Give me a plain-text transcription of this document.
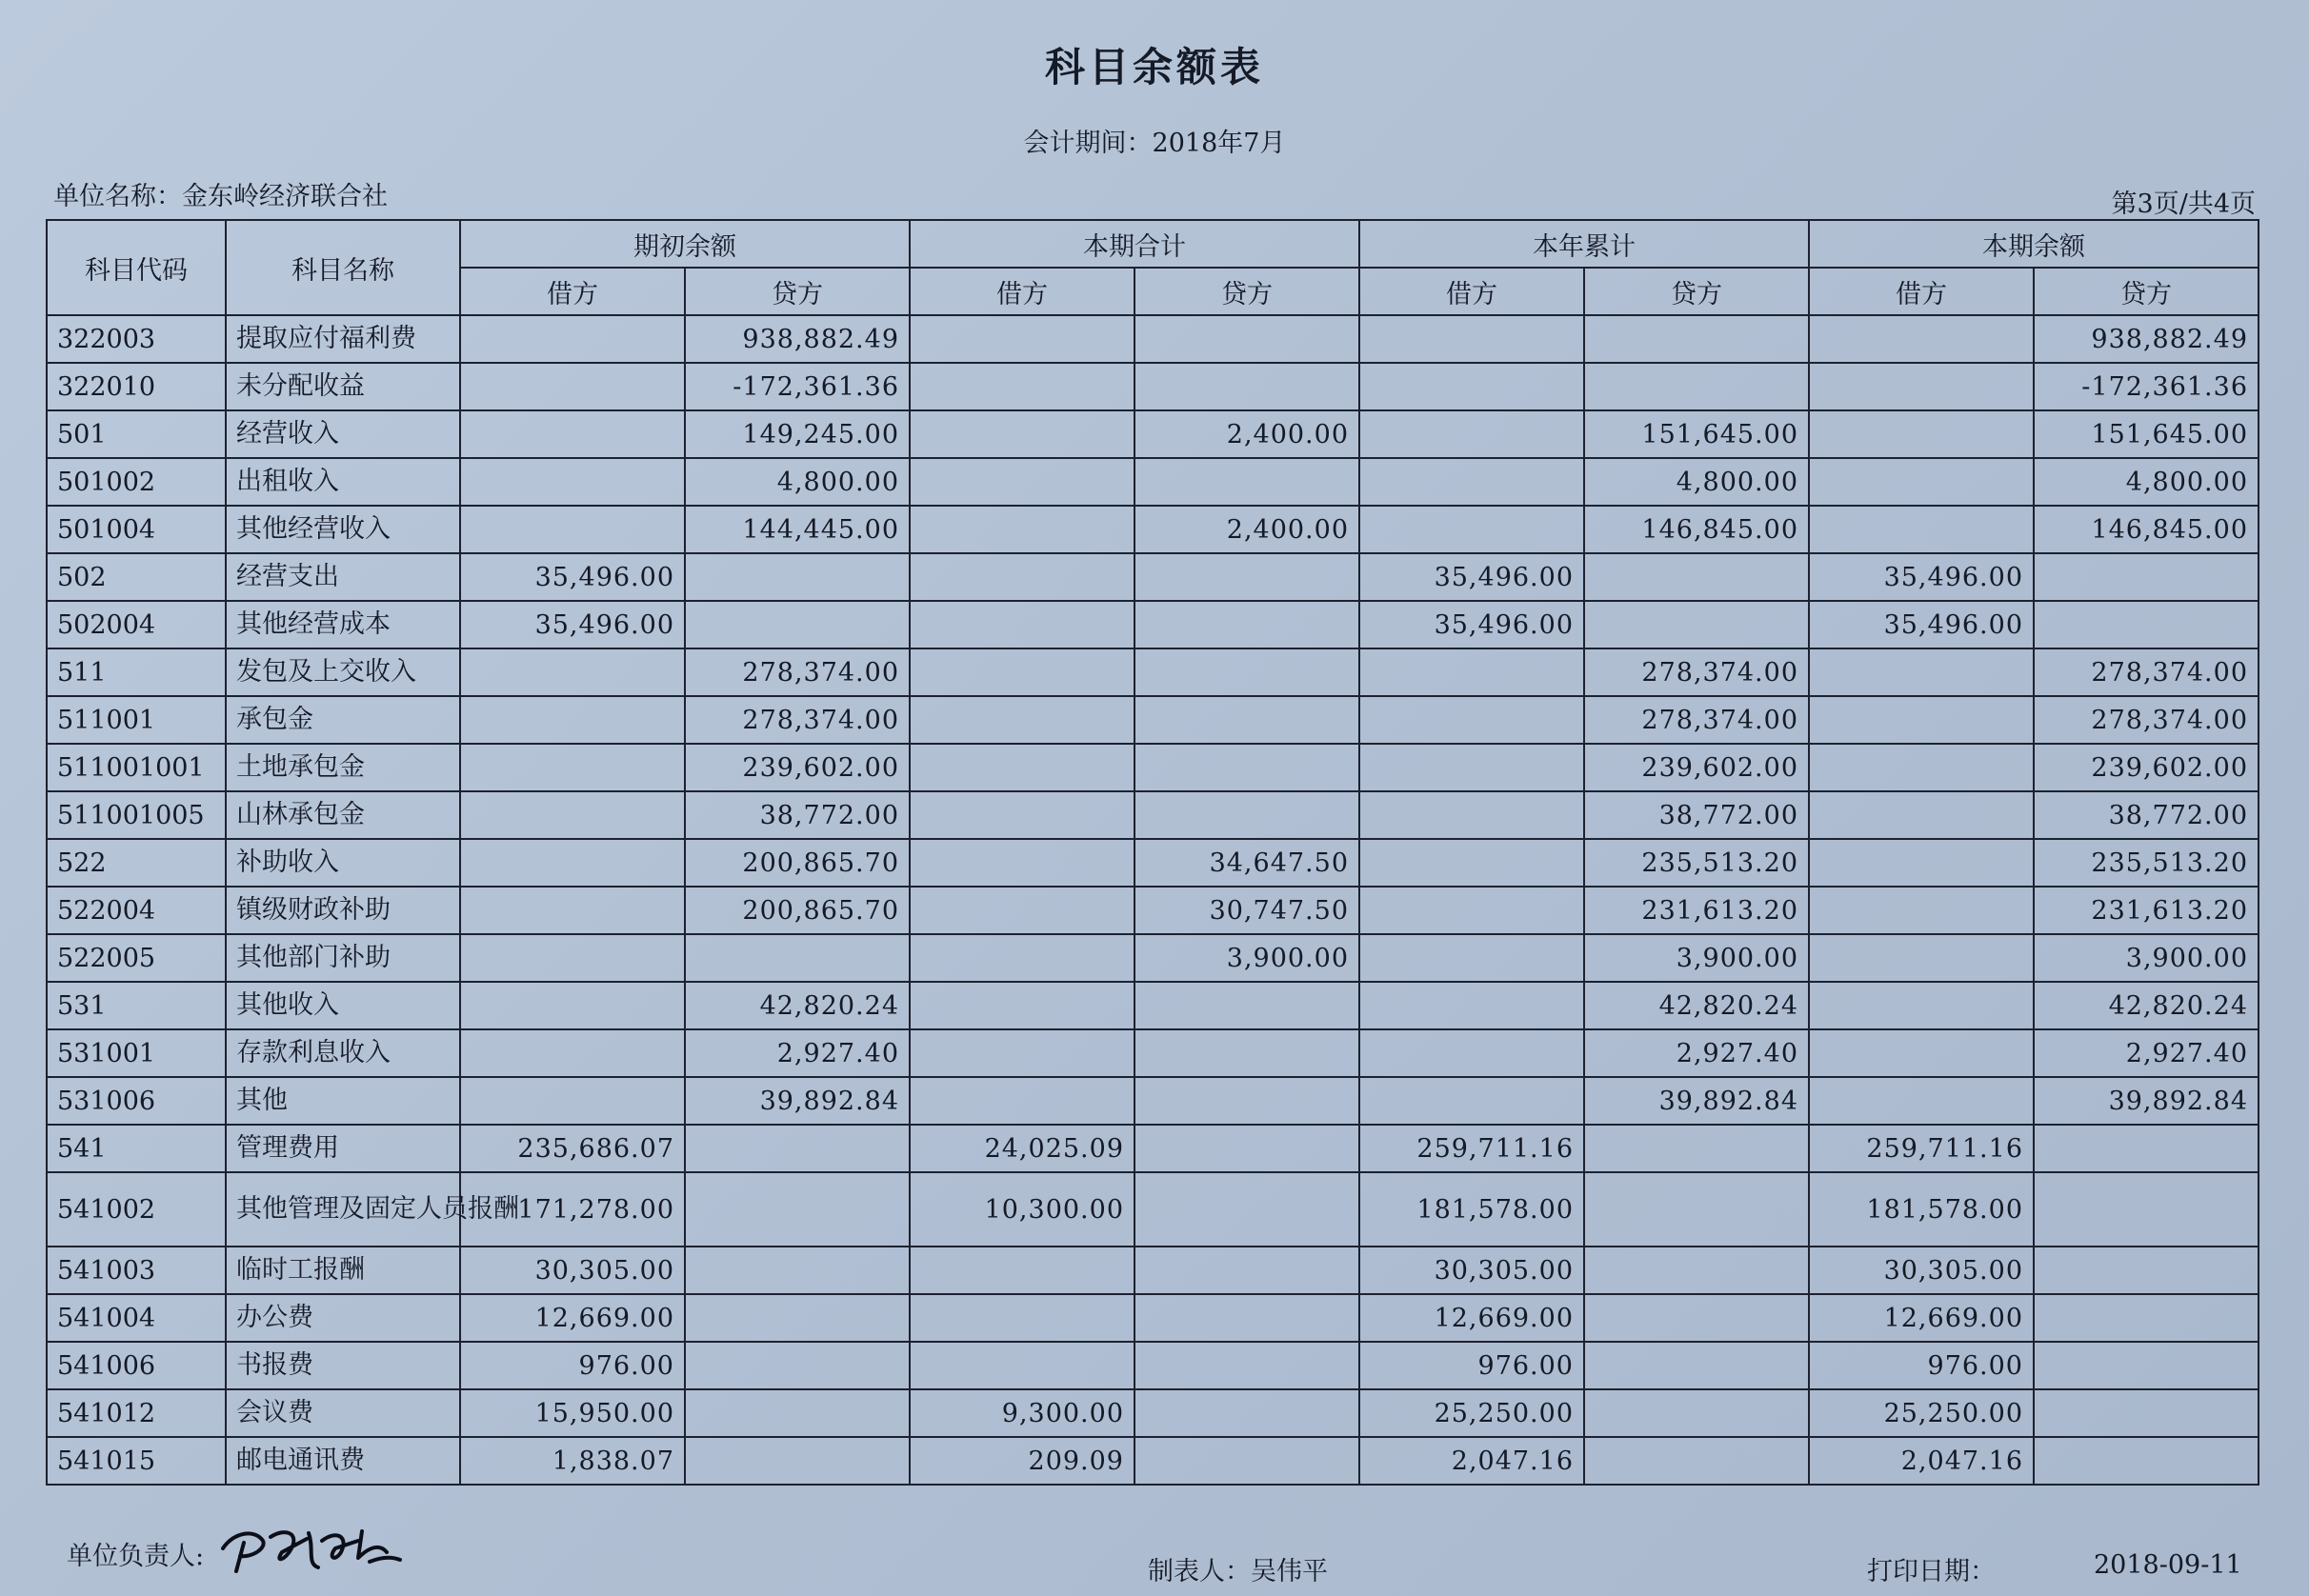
科目余额表
会计期间：2018年7月
单位名称：金东岭经济联合社	第3页/共4页
科目代码	科目名称	期初余额		本期合计		本年累计		本期余额	
		借方	贷方	借方	贷方	借方	贷方	借方	贷方
322003	提取应付福利费		938,882.49						938,882.49
322010	未分配收益		-172,361.36						-172,361.36
501	经营收入		149,245.00		2,400.00		151,645.00		151,645.00
501002	出租收入		4,800.00				4,800.00		4,800.00
501004	其他经营收入		144,445.00		2,400.00		146,845.00		146,845.00
502	经营支出	35,496.00				35,496.00		35,496.00	
502004	其他经营成本	35,496.00				35,496.00		35,496.00	
511	发包及上交收入		278,374.00				278,374.00		278,374.00
511001	承包金		278,374.00				278,374.00		278,374.00
511001001	土地承包金		239,602.00				239,602.00		239,602.00
511001005	山林承包金		38,772.00				38,772.00		38,772.00
522	补助收入		200,865.70		34,647.50		235,513.20		235,513.20
522004	镇级财政补助		200,865.70		30,747.50		231,613.20		231,613.20
522005	其他部门补助				3,900.00		3,900.00		3,900.00
531	其他收入		42,820.24				42,820.24		42,820.24
531001	存款利息收入		2,927.40				2,927.40		2,927.40
531006	其他		39,892.84				39,892.84		39,892.84
541	管理费用	235,686.07		24,025.09		259,711.16		259,711.16	
541002	其他管理及固定人员报酬	171,278.00		10,300.00		181,578.00		181,578.00	
541003	临时工报酬	30,305.00				30,305.00		30,305.00	
541004	办公费	12,669.00				12,669.00		12,669.00	
541006	书报费	976.00				976.00		976.00	
541012	会议费	15,950.00		9,300.00		25,250.00		25,250.00	
541015	邮电通讯费	1,838.07		209.09		2,047.16		2,047.16	
单位负责人:
制表人：吴伟平	打印日期：	2018-09-11
